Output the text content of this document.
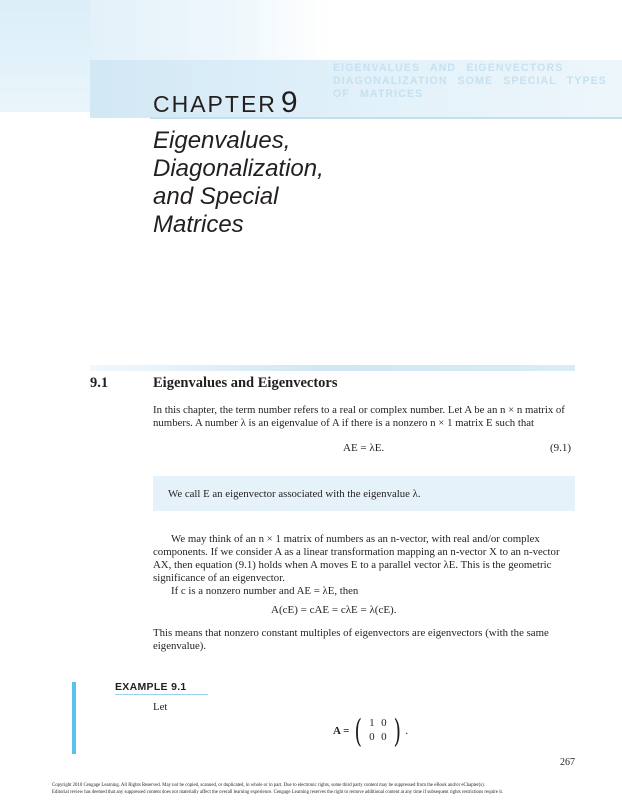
EIGENVALUES AND EIGENVECTORS
DIAGONALIZATION SOME SPECIAL TYPES
OF MATRICES
CHAPTER 9
Eigenvalues,
Diagonalization,
and Special
Matrices
9.1	Eigenvalues and Eigenvectors
In this chapter, the term number refers to a real or complex number. Let A be an n × n matrix of
numbers. A number λ is an eigenvalue of A if there is a nonzero n × 1 matrix E such that
AE = λE.	(9.1)
We call E an eigenvector associated with the eigenvalue λ.
We may think of an n × 1 matrix of numbers as an n-vector, with real and/or complex
components. If we consider A as a linear transformation mapping an n-vector X to an n-vector
AX, then equation (9.1) holds when A moves E to a parallel vector λE. This is the geometric
significance of an eigenvector.
If c is a nonzero number and AE = λE, then
A(cE) = cAE = cλE = λ(cE).
This means that nonzero constant multiples of eigenvectors are eigenvectors (with the same
eigenvalue).
EXAMPLE 9.1
Let
A = ( 1 0
0 0 ) .
267
Copyright 2010 Cengage Learning. All Rights Reserved. May not be copied, scanned, or duplicated, in whole or in part. Due to electronic rights, some third party content may be suppressed from the eBook and/or eChapter(s).
Editorial review has deemed that any suppressed content does not materially affect the overall learning experience. Cengage Learning reserves the right to remove additional content at any time if subsequent rights restrictions require it.
